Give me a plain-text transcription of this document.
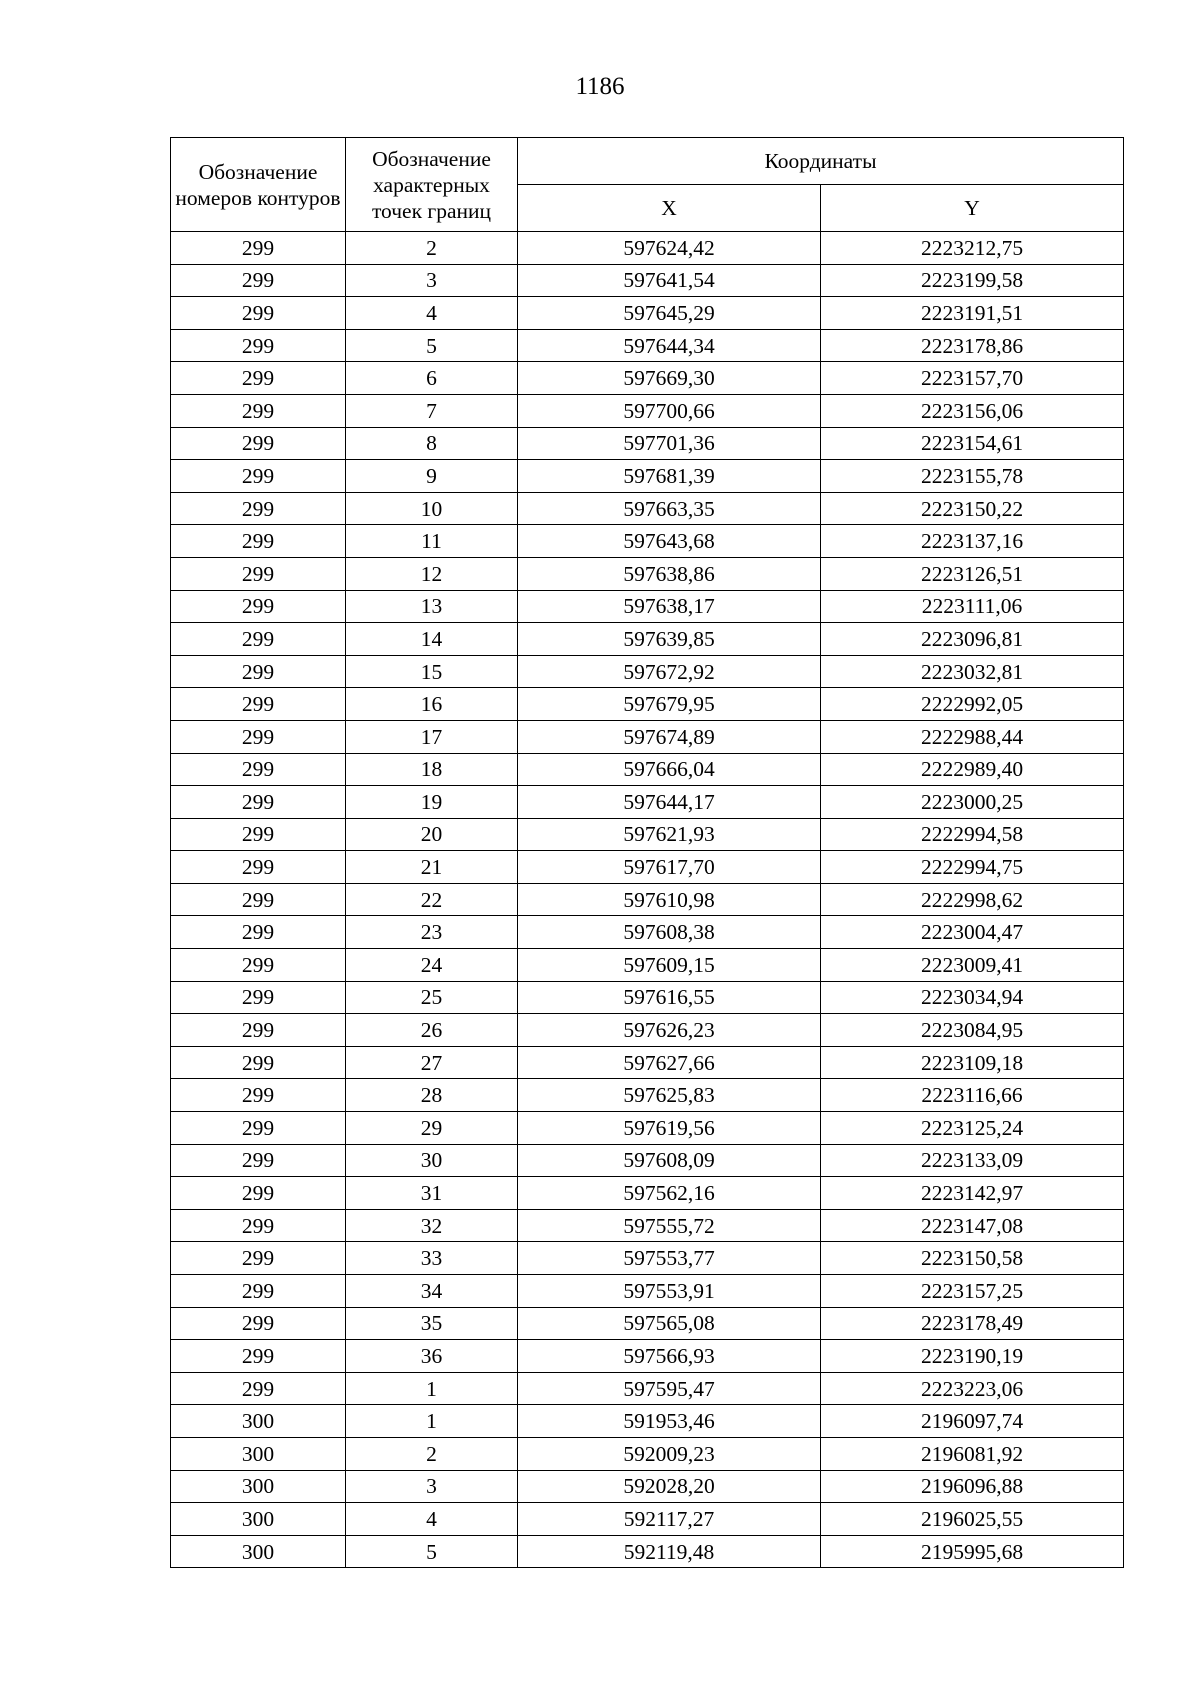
1186
Обозначение номеров контуров	Обозначение характерных точек границ	Координаты	
		X	Y
299	2	597624,42	2223212,75
299	3	597641,54	2223199,58
299	4	597645,29	2223191,51
299	5	597644,34	2223178,86
299	6	597669,30	2223157,70
299	7	597700,66	2223156,06
299	8	597701,36	2223154,61
299	9	597681,39	2223155,78
299	10	597663,35	2223150,22
299	11	597643,68	2223137,16
299	12	597638,86	2223126,51
299	13	597638,17	2223111,06
299	14	597639,85	2223096,81
299	15	597672,92	2223032,81
299	16	597679,95	2222992,05
299	17	597674,89	2222988,44
299	18	597666,04	2222989,40
299	19	597644,17	2223000,25
299	20	597621,93	2222994,58
299	21	597617,70	2222994,75
299	22	597610,98	2222998,62
299	23	597608,38	2223004,47
299	24	597609,15	2223009,41
299	25	597616,55	2223034,94
299	26	597626,23	2223084,95
299	27	597627,66	2223109,18
299	28	597625,83	2223116,66
299	29	597619,56	2223125,24
299	30	597608,09	2223133,09
299	31	597562,16	2223142,97
299	32	597555,72	2223147,08
299	33	597553,77	2223150,58
299	34	597553,91	2223157,25
299	35	597565,08	2223178,49
299	36	597566,93	2223190,19
299	1	597595,47	2223223,06
300	1	591953,46	2196097,74
300	2	592009,23	2196081,92
300	3	592028,20	2196096,88
300	4	592117,27	2196025,55
300	5	592119,48	2195995,68
